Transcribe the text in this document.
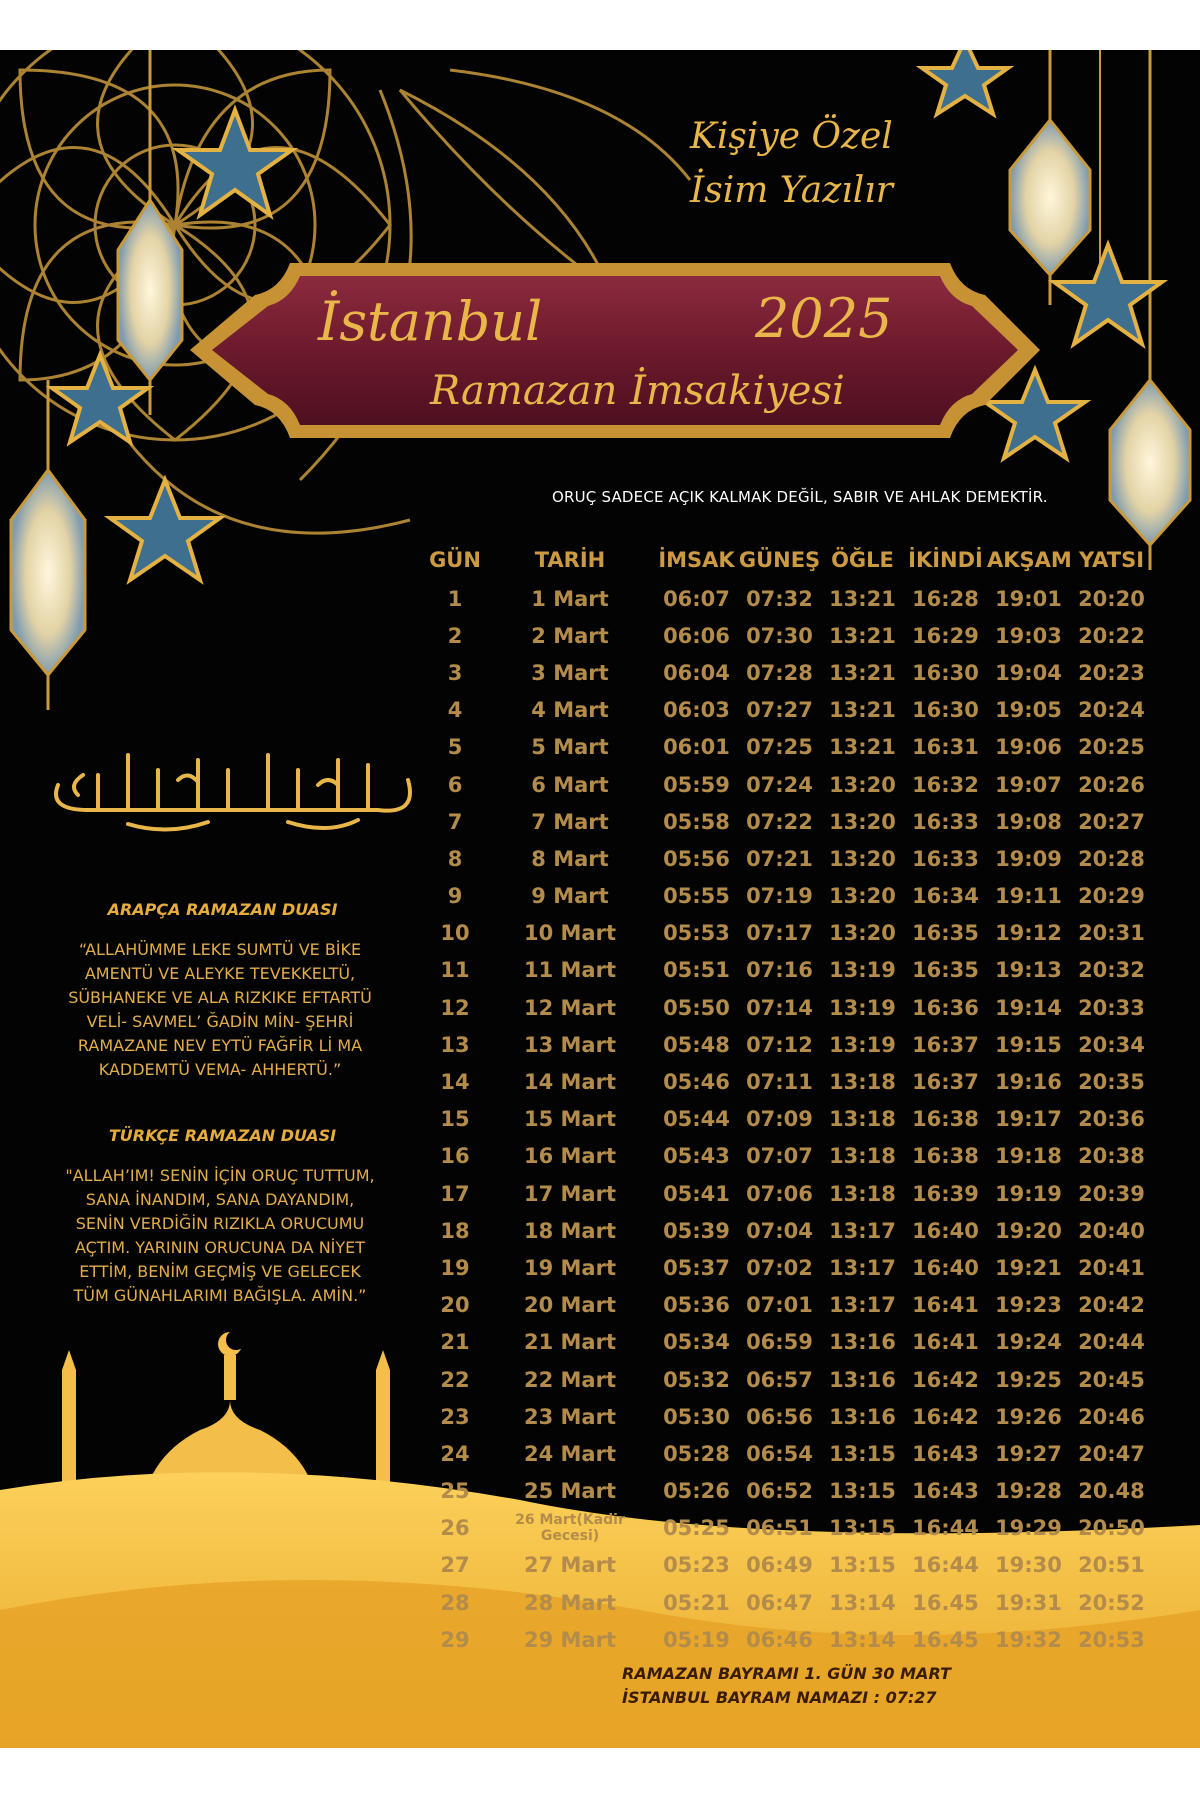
Kişiye Özel
İsim Yazılır
İstanbul	2025
Ramazan İmsakiyesi
ORUÇ SADECE AÇIK KALMAK DEĞİL, SABIR VE AHLAK DEMEKTİR.
ARAPÇA RAMAZAN DUASI
“ALLAHÜMME LEKE SUMTÜ VE BİKE
AMENTÜ VE ALEYKE TEVEKKELTÜ,
SÜBHANEKE VE ALA RIZKIKE EFTARTÜ
VELİ- SAVMEL’ ĞADİN MİN- ŞEHRİ
RAMAZANE NEV EYTÜ FAĞFİR Lİ MA
KADDEMTÜ VEMA- AHHERTÜ.”
TÜRKÇE RAMAZAN DUASI
"ALLAH’IM! SENİN İÇİN ORUÇ TUTTUM,
SANA İNANDIM, SANA DAYANDIM,
SENİN VERDİĞİN RIZIKLA ORUCUMU
AÇTIM. YARININ ORUCUNA DA NİYET
ETTİM, BENİM GEÇMİŞ VE GELECEK
TÜM GÜNAHLARIMI BAĞIŞLA. AMİN.”
GÜN	TARİH	İMSAK GÜNEŞ ÖĞLE İKİNDİ AKŞAM YATSI
1	1 Mart	06:07 07:32 13:21 16:28 19:01 20:20
2	2 Mart	06:06 07:30 13:21 16:29 19:03 20:22
3	3 Mart	06:04 07:28 13:21 16:30 19:04 20:23
4	4 Mart	06:03 07:27 13:21 16:30 19:05 20:24
5	5 Mart	06:01 07:25 13:21 16:31 19:06 20:25
6	6 Mart	05:59 07:24 13:20 16:32 19:07 20:26
7	7 Mart	05:58 07:22 13:20 16:33 19:08 20:27
8	8 Mart	05:56 07:21 13:20 16:33 19:09 20:28
9	9 Mart	05:55 07:19 13:20 16:34 19:11 20:29
10	10 Mart	05:53 07:17 13:20 16:35 19:12 20:31
11	11 Mart	05:51 07:16 13:19 16:35 19:13 20:32
12	12 Mart	05:50 07:14 13:19 16:36 19:14 20:33
13	13 Mart	05:48 07:12 13:19 16:37 19:15 20:34
14	14 Mart	05:46 07:11 13:18 16:37 19:16 20:35
15	15 Mart	05:44 07:09 13:18 16:38 19:17 20:36
16	16 Mart	05:43 07:07 13:18 16:38 19:18 20:38
17	17 Mart	05:41 07:06 13:18 16:39 19:19 20:39
18	18 Mart	05:39 07:04 13:17 16:40 19:20 20:40
19	19 Mart	05:37 07:02 13:17 16:40 19:21 20:41
20	20 Mart	05:36 07:01 13:17 16:41 19:23 20:42
21	21 Mart	05:34 06:59 13:16 16:41 19:24 20:44
22	22 Mart	05:32 06:57 13:16 16:42 19:25 20:45
23	23 Mart	05:30 06:56 13:16 16:42 19:26 20:46
24	24 Mart	05:28 06:54 13:15 16:43 19:27 20:47
25	25 Mart	05:26 06:52 13:15 16:43 19:28 20.48
26	26 Mart(Kadir Gecesi)	05:25 06:51 13:15 16:44 19:29 20:50
27	27 Mart	05:23 06:49 13:15 16:44 19:30 20:51
28	28 Mart	05:21 06:47 13:14 16.45 19:31 20:52
29	29 Mart	05:19 06:46 13:14 16.45 19:32 20:53
RAMAZAN BAYRAMI 1. GÜN 30 MART
İSTANBUL BAYRAM NAMAZI : 07:27
